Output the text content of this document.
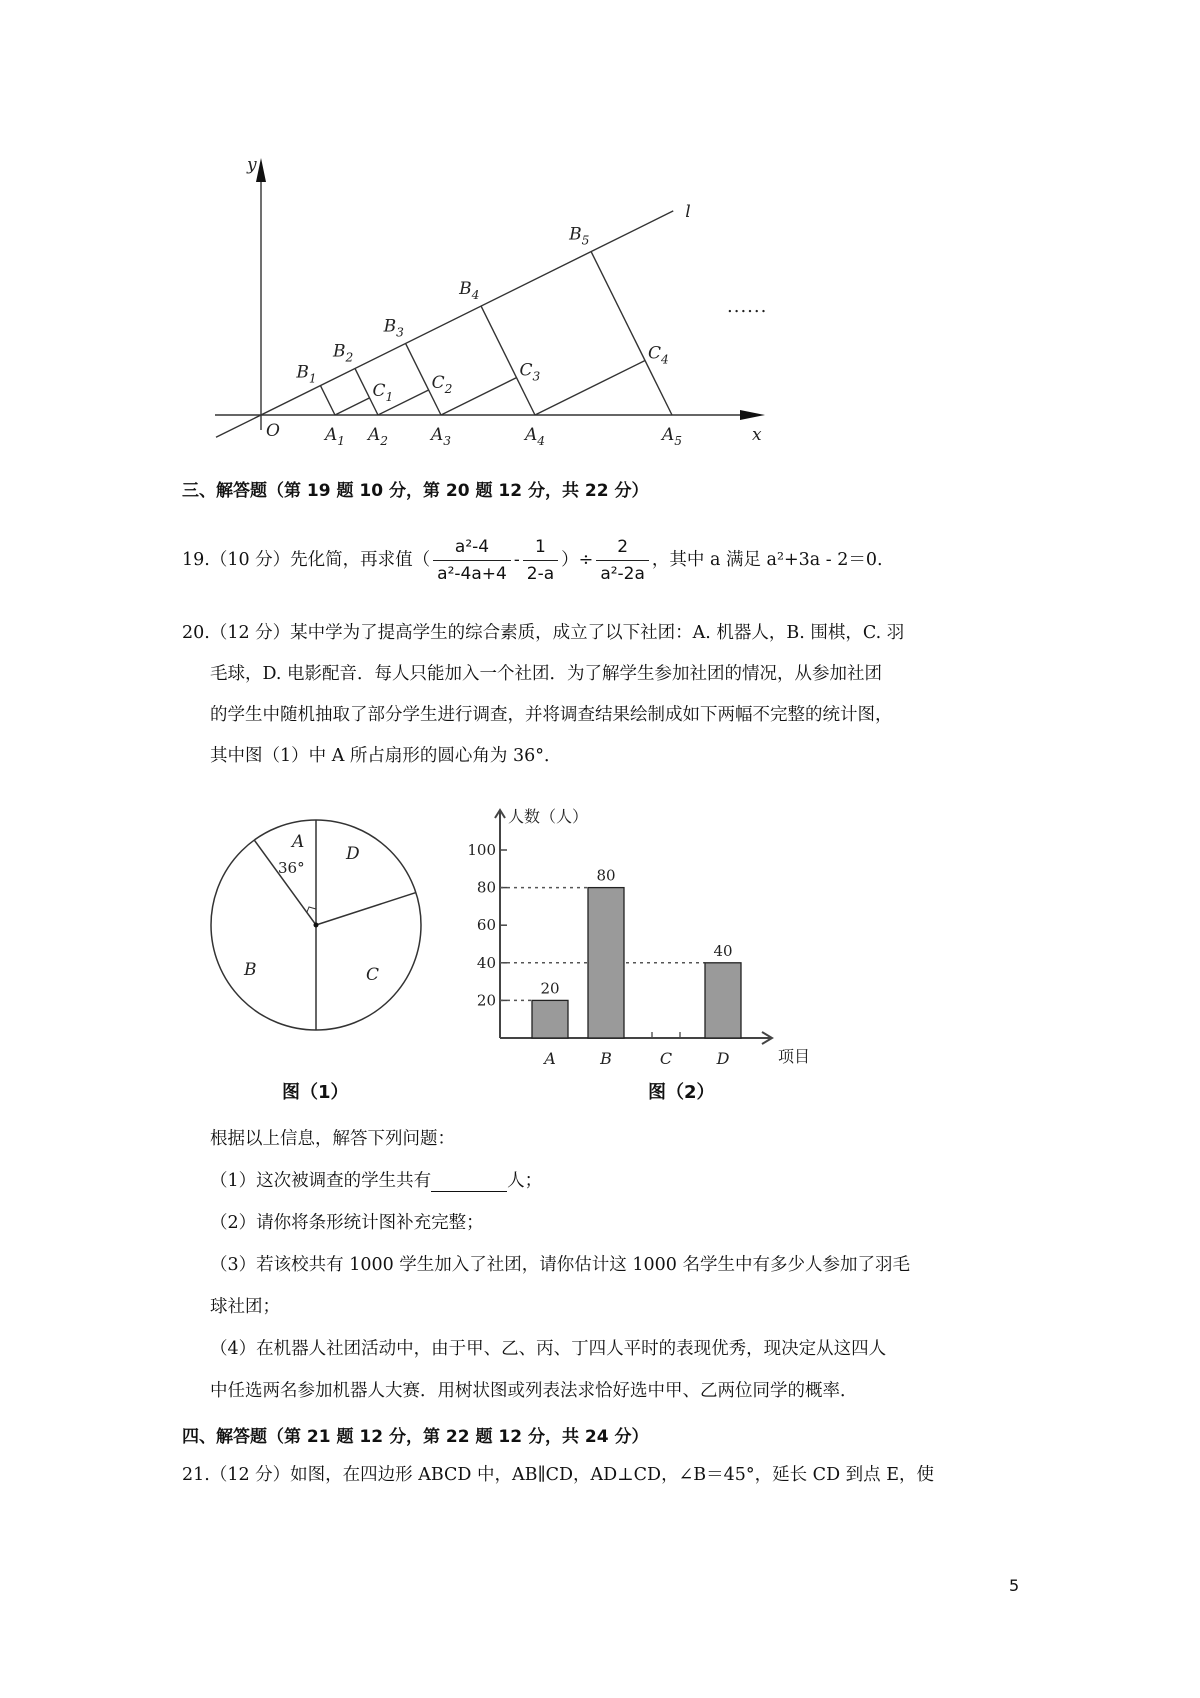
y
x
O
l
$A_1$ $A_2$	$A_3$	$A_4$	$A_5$
$B_1$
$B_2$
$B_3$
$B_4$
$B_5$
$C_1$
$C_2$
$C_3$
$C_4$
......
三、解答题（第 19 题 10 分，第 20 题 12 分，共 22 分）
19.（10 分）先化简，再求值（ $\frac{\text{a²-4}}{\text{a²-4a+4}} - \frac{1}{2-a}$ ）÷ $\frac{2}{\text{a²-2a}}$ ，其中 a 满足 a²+3a - 2＝0.
20.（12 分）某中学为了提高学生的综合素质，成立了以下社团：A. 机器人，B. 围棋，C. 羽
毛球，D. 电影配音．每人只能加入一个社团．为了解学生参加社团的情况，从参加社团
的学生中随机抽取了部分学生进行调查，并将调查结果绘制成如下两幅不完整的统计图，
其中图（1）中 A 所占扇形的圆心角为 36°．
A
B	C
D
36°
图（1）
人数（人）
项目
20
40
60
80
100
20
A
80
B	C
40
D
图（2）
根据以上信息，解答下列问题：
（1）这次被调查的学生共有	人；
（2）请你将条形统计图补充完整；
（3）若该校共有 1000 学生加入了社团，请你估计这 1000 名学生中有多少人参加了羽毛
球社团；
（4）在机器人社团活动中，由于甲、乙、丙、丁四人平时的表现优秀，现决定从这四人
中任选两名参加机器人大赛．用树状图或列表法求恰好选中甲、乙两位同学的概率．
四、解答题（第 21 题 12 分，第 22 题 12 分，共 24 分）
21.（12 分）如图，在四边形 ABCD 中，AB∥CD，AD⊥CD，∠B＝45°，延长 CD 到点 E，使
5
